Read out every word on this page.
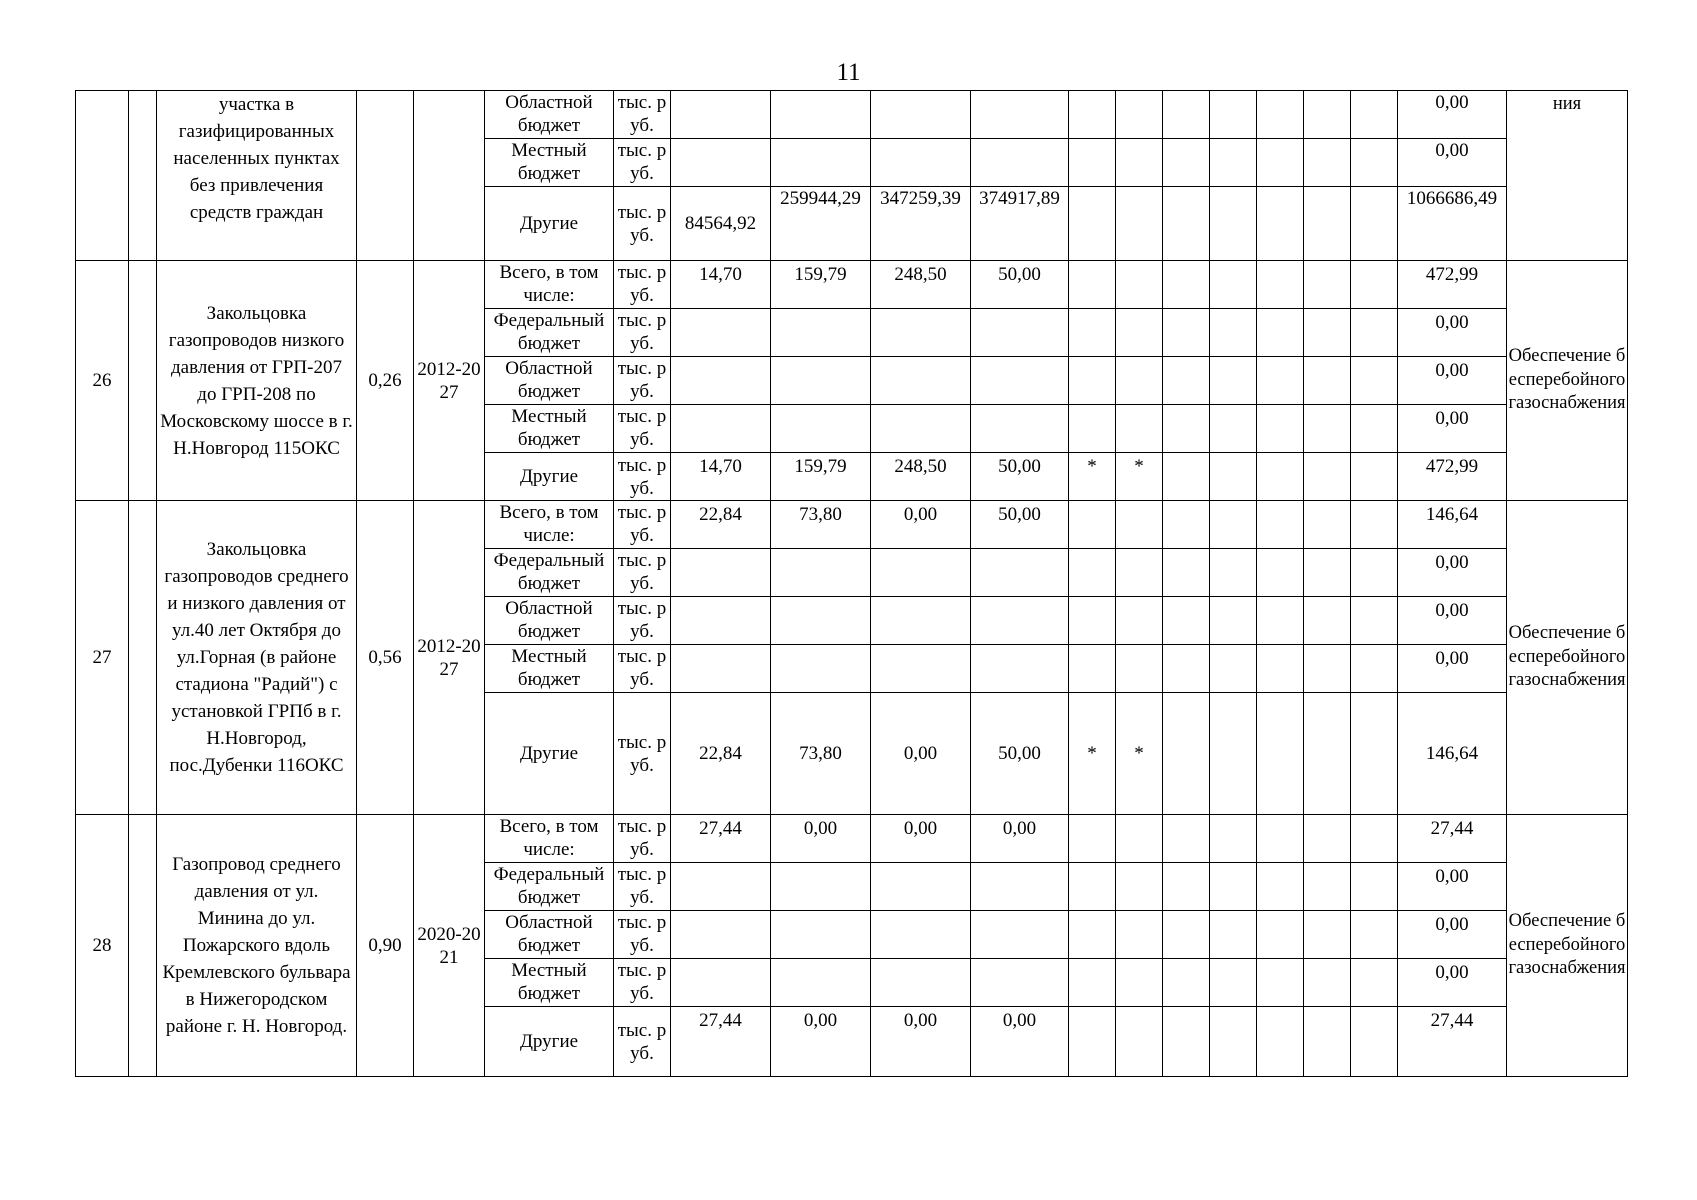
11
		участка в газифицированных населенных пунктах без привлечения средств граждан			Областной бюджет	тыс. руб.												0,00	ния
					Местный бюджет	тыс. руб.												0,00	
					Другие	тыс. руб.	84564,92	259944,29	347259,39	374917,89								1066686,49	
26		Закольцовка газопроводов низкого давления от ГРП-207 до ГРП-208 по Московскому шоссе в г. Н.Новгород 115ОКС	0,26	2012-2027	Всего, в том числе:	тыс. руб.	14,70	159,79	248,50	50,00								472,99	Обеспечение бесперебойного газоснабжения
					Федеральный бюджет	тыс. руб.												0,00	
					Областной бюджет	тыс. руб.												0,00	
					Местный бюджет	тыс. руб.												0,00	
					Другие	тыс. руб.	14,70	159,79	248,50	50,00	*	*						472,99	
27		Закольцовка газопроводов среднего и низкого давления от ул.40 лет Октября до ул.Горная (в районе стадиона "Радий") с установкой ГРПб в г. Н.Новгород, пос.Дубенки 116ОКС	0,56	2012-2027	Всего, в том числе:	тыс. руб.	22,84	73,80	0,00	50,00								146,64	Обеспечение бесперебойного газоснабжения
					Федеральный бюджет	тыс. руб.												0,00	
					Областной бюджет	тыс. руб.												0,00	
					Местный бюджет	тыс. руб.												0,00	
					Другие	тыс. руб.	22,84	73,80	0,00	50,00	*	*						146,64	
28		Газопровод среднего давления от ул. Минина до ул. Пожарского вдоль Кремлевского бульвара в Нижегородском районе г. Н. Новгород.	0,90	2020-2021	Всего, в том числе:	тыс. руб.	27,44	0,00	0,00	0,00								27,44	Обеспечение бесперебойного газоснабжения
					Федеральный бюджет	тыс. руб.												0,00	
					Областной бюджет	тыс. руб.												0,00	
					Местный бюджет	тыс. руб.												0,00	
					Другие	тыс. руб.	27,44	0,00	0,00	0,00								27,44	
